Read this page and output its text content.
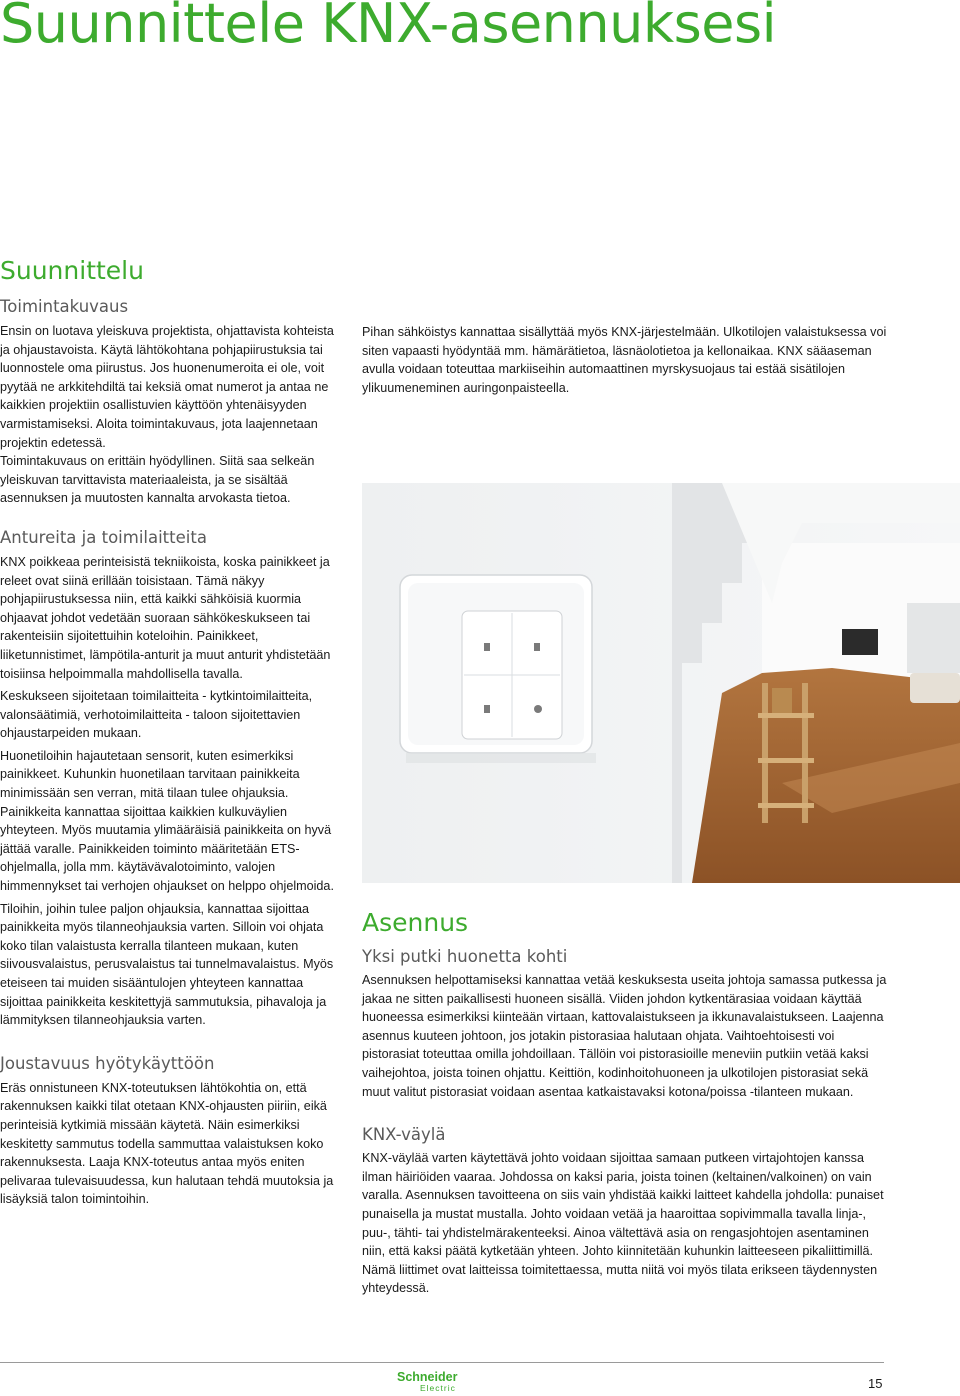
Suunnittele KNX-asennuksesi
Suunnittelu
Toimintakuvaus

Ensin on luotava yleiskuva projektista, ohjattavista kohteista ja ohjaustavoista. Käytä lähtökohtana pohjapiirustuksia tai luonnostele oma piirustus. Jos huonenumeroita ei ole, voit pyytää ne arkkitehdiltä tai keksiä omat numerot ja antaa ne kaikkien projektiin osallistuvien käyttöön yhtenäisyyden varmistamiseksi. Aloita toimintakuvaus, jota laajennetaan projektin edetessä.

Toimintakuvaus on erittäin hyödyllinen. Siitä saa selkeän yleiskuvan tarvittavista materiaaleista, ja se sisältää asennuksen ja muutosten kannalta arvokasta tietoa.

Antureita ja toimilaitteita

KNX poikkeaa perinteisistä tekniikoista, koska painikkeet ja releet ovat siinä erillään toisistaan. Tämä näkyy pohjapiirustuksessa niin, että kaikki sähköisiä kuormia ohjaavat johdot vedetään suoraan sähkökeskukseen tai rakenteisiin sijoitettuihin koteloihin. Painikkeet, liiketunnistimet, lämpötila-anturit ja muut anturit yhdistetään toisiinsa helpoimmalla mahdollisella tavalla.

Keskukseen sijoitetaan toimilaitteita - kytkintoimilaitteita, valonsäätimiä, verhotoimilaitteita - taloon sijoitettavien ohjaustarpeiden mukaan.

Huonetiloihin hajautetaan sensorit, kuten esimerkiksi painikkeet. Kuhunkin huonetilaan tarvitaan painikkeita minimissään sen verran, mitä tilaan tulee ohjauksia. Painikkeita kannattaa sijoittaa kaikkien kulkuväylien yhteyteen. Myös muutamia ylimääräisiä painikkeita on hyvä jättää varalle. Painikkeiden toiminto määritetään ETS-ohjelmalla, jolla mm. käytävävalotoiminto, valojen himmennykset tai verhojen ohjaukset on helppo ohjelmoida.

Tiloihin, joihin tulee paljon ohjauksia, kannattaa sijoittaa painikkeita myös tilanneohjauksia varten. Silloin voi ohjata koko tilan valaistusta kerralla tilanteen mukaan, kuten siivousvalaistus, perusvalaistus tai tunnelmavalaistus. Myös eteiseen tai muiden sisääntulojen yhteyteen kannattaa sijoittaa painikkeita keskitettyjä sammutuksia, pihavaloja ja lämmityksen tilanneohjauksia varten.

Joustavuus hyötykäyttöön

Eräs onnistuneen KNX-toteutuksen lähtökohtia on, että rakennuksen kaikki tilat otetaan KNX-ohjausten piiriin, eikä perinteisiä kytkimiä missään käytetä. Näin esimerkiksi keskitetty sammutus todella sammuttaa valaistuksen koko rakennuksesta. Laaja KNX-toteutus antaa myös eniten pelivaraa tulevaisuudessa, kun halutaan tehdä muutoksia ja lisäyksiä talon toimintoihin.

Pihan sähköistys kannattaa sisällyttää myös KNX-järjestelmään. Ulkotilojen valaistuksessa voi siten vapaasti hyödyntää mm. hämärätietoa, läsnäolotietoa ja kellonaikaa. KNX sääaseman avulla voidaan toteuttaa markiiseihin automaattinen myrskysuojaus tai estää sisätilojen ylikuumeneminen auringonpaisteella.

Asennus
Yksi putki huonetta kohti

Asennuksen helpottamiseksi kannattaa vetää keskuksesta useita johtoja samassa putkessa ja jakaa ne sitten paikallisesti huoneen sisällä. Viiden johdon kytkentärasiaa voidaan käyttää huoneessa esimerkiksi kiinteään virtaan, kattovalaistukseen ja ikkunavalaistukseen. Laajenna asennus kuuteen johtoon, jos jotakin pistorasiaa halutaan ohjata. Vaihtoehtoisesti voi pistorasiat toteuttaa omilla johdoillaan. Tällöin voi pistorasioille meneviin putkiin vetää kaksi vaihejohtoa, joista toinen ohjattu. Keittiön, kodinhoitohuoneen ja ulkotilojen pistorasiat sekä muut valitut pistorasiat voidaan asentaa katkaistavaksi kotona/poissa -tilanteen mukaan.

KNX-väylä

KNX-väylää varten käytettävä johto voidaan sijoittaa samaan putkeen virtajohtojen kanssa ilman häiriöiden vaaraa. Johdossa on kaksi paria, joista toinen (keltainen/valkoinen) on vain varalla. Asennuksen tavoitteena on siis vain yhdistää kaikki laitteet kahdella johdolla: punaiset punaisella ja mustat mustalla. Johto voidaan vetää ja haaroittaa sopivimmalla tavalla linja-, puu-, tähti- tai yhdistelmärakenteeksi. Ainoa vältettävä asia on rengasjohtojen asentaminen niin, että kaksi päätä kytketään yhteen. Johto kiinnitetään kuhunkin laitteeseen pikaliittimillä. Nämä liittimet ovat laitteissa toimitettaessa, mutta niitä voi myös tilata erikseen täydennysten yhteydessä.

Schneider
Electric	15
